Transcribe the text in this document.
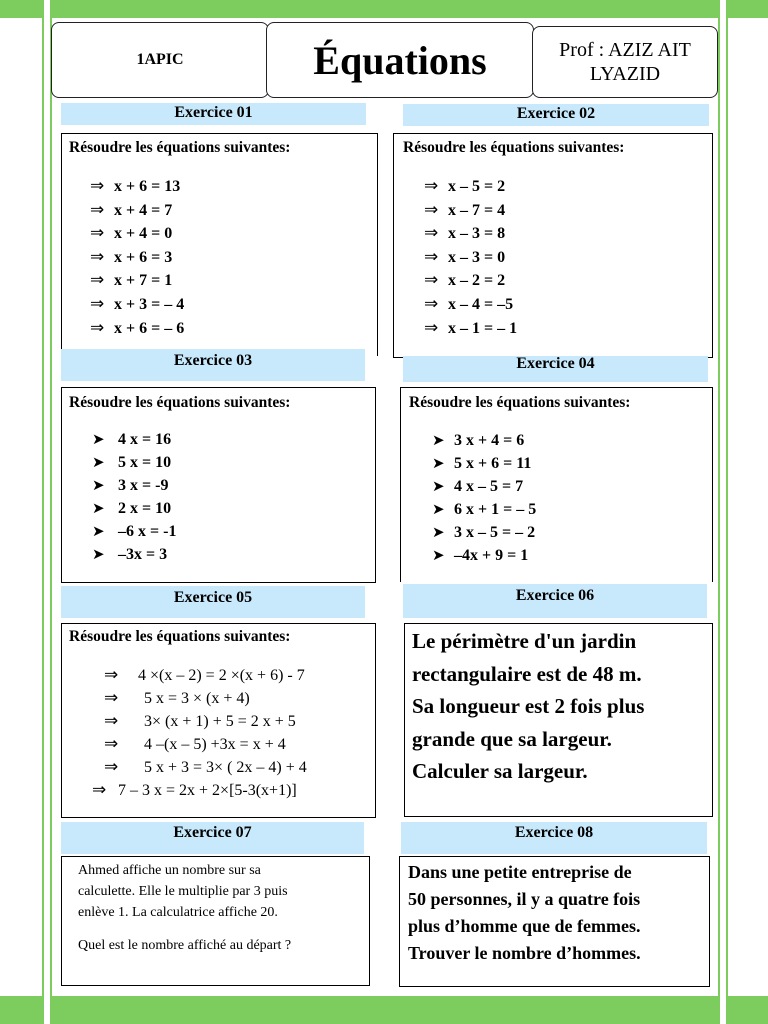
1APIC	Équations	Prof : AZIZ AIT
LYAZID
Exercice 01
Résoudre les équations suivantes:
⇒ x + 6 = 13
⇒ x + 4 = 7
⇒ x + 4 = 0
⇒ x + 6 = 3
⇒ x + 7 = 1
⇒ x + 3 = – 4
⇒ x + 6 = – 6
Exercice 02
Résoudre les équations suivantes:
⇒ x – 5 = 2
⇒ x – 7 = 4
⇒ x – 3 = 8
⇒ x – 3 = 0
⇒ x – 2 = 2
⇒ x – 4 = –5
⇒ x – 1 = – 1
Exercice 03
Résoudre les équations suivantes:
➤ 4 x = 16
➤ 5 x = 10
➤ 3 x = -9
➤ 2 x = 10
➤ –6 x = -1
➤ –3x = 3
Exercice 04
Résoudre les équations suivantes:
➤ 3 x + 4 = 6
➤ 5 x + 6 = 11
➤ 4 x – 5 = 7
➤ 6 x + 1 = – 5
➤ 3 x – 5 = – 2
➤ –4x + 9 = 1
Exercice 05
Résoudre les équations suivantes:
⇒ 4 ×(x – 2) = 2 ×(x + 6) - 7
⇒ 5 x = 3 × (x + 4)
⇒ 3× (x + 1) + 5 = 2 x + 5
⇒ 4 –(x – 5) +3x = x + 4
⇒ 5 x + 3 = 3× ( 2x – 4) + 4
⇒ 7 – 3 x = 2x + 2×[5-3(x+1)]
Exercice 06
Le périmètre d'un jardin
rectangulaire est de 48 m.
Sa longueur est 2 fois plus
grande que sa largeur.
Calculer sa largeur.
Exercice 07
Ahmed affiche un nombre sur sa
calculette. Elle le multiplie par 3 puis
enlève 1. La calculatrice affiche 20.
Quel est le nombre affiché au départ ?
Exercice 08
Dans une petite entreprise de
50 personnes, il y a quatre fois
plus d’homme que de femmes.
Trouver le nombre d’hommes.
